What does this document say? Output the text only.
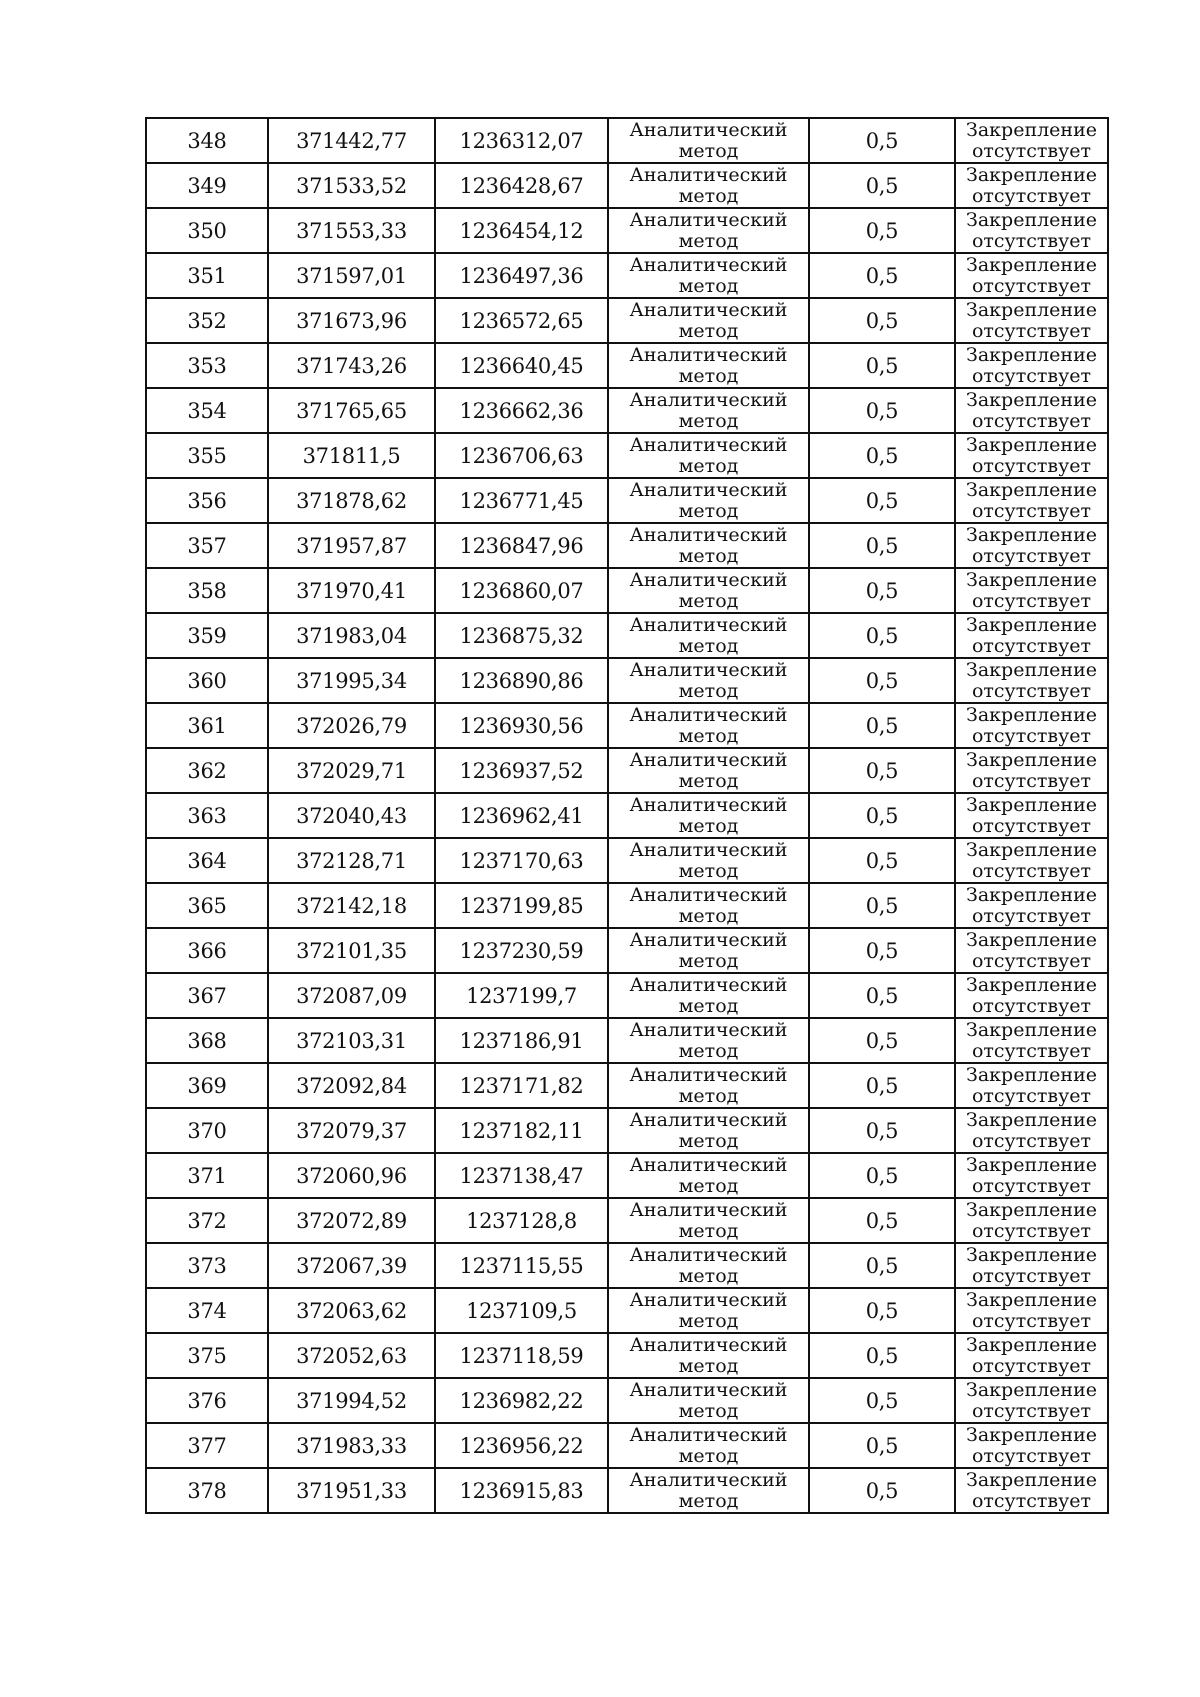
348	371442,77	1236312,07	Аналитический
метод	0,5	Закрепление
отсутствует

349	371533,52	1236428,67	Аналитический
метод	0,5	Закрепление
отсутствует

350	371553,33	1236454,12	Аналитический
метод	0,5	Закрепление
отсутствует

351	371597,01	1236497,36	Аналитический
метод	0,5	Закрепление
отсутствует

352	371673,96	1236572,65	Аналитический
метод	0,5	Закрепление
отсутствует

353	371743,26	1236640,45	Аналитический
метод	0,5	Закрепление
отсутствует

354	371765,65	1236662,36	Аналитический
метод	0,5	Закрепление
отсутствует

355	371811,5	1236706,63	Аналитический
метод	0,5	Закрепление
отсутствует

356	371878,62	1236771,45	Аналитический
метод	0,5	Закрепление
отсутствует

357	371957,87	1236847,96	Аналитический
метод	0,5	Закрепление
отсутствует

358	371970,41	1236860,07	Аналитический
метод	0,5	Закрепление
отсутствует

359	371983,04	1236875,32	Аналитический
метод	0,5	Закрепление
отсутствует

360	371995,34	1236890,86	Аналитический
метод	0,5	Закрепление
отсутствует

361	372026,79	1236930,56	Аналитический
метод	0,5	Закрепление
отсутствует

362	372029,71	1236937,52	Аналитический
метод	0,5	Закрепление
отсутствует

363	372040,43	1236962,41	Аналитический
метод	0,5	Закрепление
отсутствует

364	372128,71	1237170,63	Аналитический
метод	0,5	Закрепление
отсутствует

365	372142,18	1237199,85	Аналитический
метод	0,5	Закрепление
отсутствует

366	372101,35	1237230,59	Аналитический
метод	0,5	Закрепление
отсутствует

367	372087,09	1237199,7	Аналитический
метод	0,5	Закрепление
отсутствует

368	372103,31	1237186,91	Аналитический
метод	0,5	Закрепление
отсутствует

369	372092,84	1237171,82	Аналитический
метод	0,5	Закрепление
отсутствует

370	372079,37	1237182,11	Аналитический
метод	0,5	Закрепление
отсутствует

371	372060,96	1237138,47	Аналитический
метод	0,5	Закрепление
отсутствует

372	372072,89	1237128,8	Аналитический
метод	0,5	Закрепление
отсутствует

373	372067,39	1237115,55	Аналитический
метод	0,5	Закрепление
отсутствует

374	372063,62	1237109,5	Аналитический
метод	0,5	Закрепление
отсутствует

375	372052,63	1237118,59	Аналитический
метод	0,5	Закрепление
отсутствует

376	371994,52	1236982,22	Аналитический
метод	0,5	Закрепление
отсутствует

377	371983,33	1236956,22	Аналитический
метод	0,5	Закрепление
отсутствует

378	371951,33	1236915,83	Аналитический
метод	0,5	Закрепление
отсутствует
